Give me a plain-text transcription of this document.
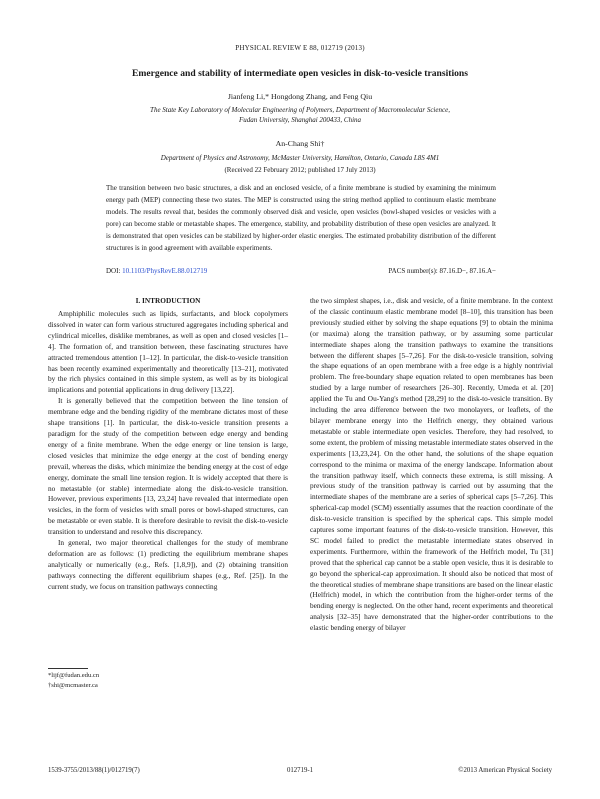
PHYSICAL REVIEW E 88, 012719 (2013)
Emergence and stability of intermediate open vesicles in disk-to-vesicle transitions
Jianfeng Li,* Hongdong Zhang, and Feng Qiu
The State Key Laboratory of Molecular Engineering of Polymers, Department of Macromolecular Science,
Fudan University, Shanghai 200433, China
An-Chang Shi†
Department of Physics and Astronomy, McMaster University, Hamilton, Ontario, Canada L8S 4M1
(Received 22 February 2012; published 17 July 2013)
The transition between two basic structures, a disk and an enclosed vesicle, of a finite membrane is studied by examining the minimum energy path (MEP) connecting these two states. The MEP is constructed using the string method applied to continuum elastic membrane models. The results reveal that, besides the commonly observed disk and vesicle, open vesicles (bowl-shaped vesicles or vesicles with a pore) can become stable or metastable shapes. The emergence, stability, and probability distribution of these open vesicles are analyzed. It is demonstrated that open vesicles can be stabilized by higher-order elastic energies. The estimated probability distribution of the different structures is in good agreement with available experiments.
DOI: 10.1103/PhysRevE.88.012719	PACS number(s): 87.16.D−, 87.16.A−
I. INTRODUCTION

Amphiphilic molecules such as lipids, surfactants, and block copolymers dissolved in water can form various structured aggregates including spherical and cylindrical micelles, disklike membranes, as well as open and closed vesicles [1–4]. The formation of, and transition between, these fascinating structures have attracted tremendous attention [1–12]. In particular, the disk-to-vesicle transition has been recently examined experimentally and theoretically [13–21], motivated by the rich physics contained in this simple system, as well as by its biological implications and potential applications in drug delivery [13,22].

It is generally believed that the competition between the line tension of membrane edge and the bending rigidity of the membrane dictates most of these shape transitions [1]. In particular, the disk-to-vesicle transition presents a paradigm for the study of the competition between edge energy and bending energy of a finite membrane. When the edge energy or line tension is large, closed vesicles that minimize the edge energy at the cost of bending energy prevail, whereas the disks, which minimize the bending energy at the cost of edge energy, dominate the small line tension region. It is widely accepted that there is no metastable (or stable) intermediate along the disk-to-vesicle transition. However, previous experiments [13, 23,24] have revealed that intermediate open vesicles, in the form of vesicles with small pores or bowl-shaped structures, can be metastable or even stable. It is therefore desirable to revisit the disk-to-vesicle transition to understand and resolve this discrepancy.

In general, two major theoretical challenges for the study of membrane deformation are as follows: (1) predicting the equilibrium membrane shapes analytically or numerically (e.g., Refs. [1,8,9]), and (2) obtaining transition pathways connecting the different equilibrium shapes (e.g., Ref. [25]). In the current study, we focus on transition pathways connecting

the two simplest shapes, i.e., disk and vesicle, of a finite membrane. In the context of the classic continuum elastic membrane model [8–10], this transition has been previously studied either by solving the shape equations [9] to obtain the minima (or maxima) along the transition pathway, or by assuming some particular intermediate shapes along the transition pathways to examine the transitions between the different shapes [5–7,26]. For the disk-to-vesicle transition, solving the shape equations of an open membrane with a free edge is a highly nontrivial problem. The free-boundary shape equation related to open membranes has been studied by a large number of researchers [26–30]. Recently, Umeda et al. [20] applied the Tu and Ou-Yang's method [28,29] to the disk-to-vesicle transition. By including the area difference between the two monolayers, or leaflets, of the bilayer membrane energy into the Helfrich energy, they obtained various metastable or stable intermediate open vesicles. Therefore, they had resolved, to some extent, the problem of missing metastable intermediate states observed in the experiments [13,23,24]. On the other hand, the solutions of the shape equation correspond to the minima or maxima of the energy landscape. Information about the transition pathway itself, which connects these extrema, is still missing. A previous study of the transition pathway is carried out by assuming that the intermediate shapes of the membrane are a series of spherical caps [5–7,26]. This spherical-cap model (SCM) essentially assumes that the reaction coordinate of the disk-to-vesicle transition is specified by the spherical caps. This simple model captures some important features of the disk-to-vesicle transition. However, this SC model failed to predict the metastable intermediate states observed in experiments. Furthermore, within the framework of the Helfrich model, Tu [31] proved that the spherical cap cannot be a stable open vesicle, thus it is desirable to go beyond the spherical-cap approximation. It should also be noticed that most of the theoretical studies of membrane shape transitions are based on the linear elastic (Helfrich) model, in which the contribution from the higher-order terms of the bending energy is neglected. On the other hand, recent experiments and theoretical analysis [32–35] have demonstrated that the higher-order contributions to the elastic bending energy of bilayer

*lijf@fudan.edu.cn
†shi@mcmaster.ca
1539-3755/2013/88(1)/012719(7)	012719-1	©2013 American Physical Society
